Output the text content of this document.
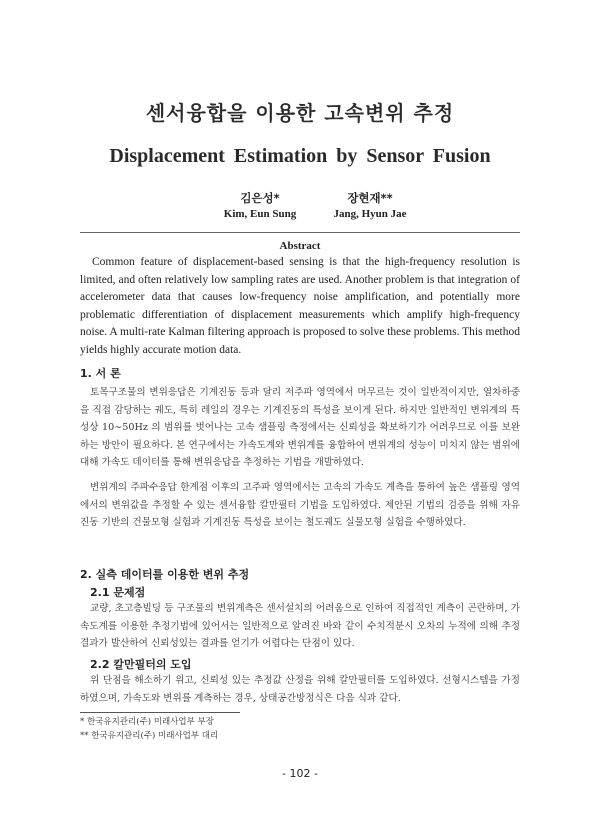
센서융합을 이용한 고속변위 추정
Displacement Estimation by Sensor Fusion
김은성*
Kim, Eun Sung
장현재**
Jang, Hyun Jae
Abstract
Common feature of displacement-based sensing is that the high-frequency resolution is limited, and often relatively low sampling rates are used. Another problem is that integration of accelerometer data that causes low-frequency noise amplification, and potentially more problematic differentiation of displacement measurements which amplify high-frequency noise. A multi-rate Kalman filtering approach is proposed to solve these problems. This method yields highly accurate motion data.
1. 서 론
토목구조물의 변위응답은 기계진동 등과 달리 저주파 영역에서 머무르는 것이 일반적이지만, 열차하중을 직접 감당하는 궤도, 특히 레일의 경우는 기계진동의 특성을 보이게 된다. 하지만 일반적인 변위계의 특성상 10∼50Hz 의 범위를 벗어나는 고속 샘플링 측정에서는 신뢰성을 확보하기가 어려우므로 이를 보완하는 방안이 필요하다. 본 연구에서는 가속도계와 변위계를 융합하여 변위계의 성능이 미치지 않는 범위에 대해 가속도 데이터를 통해 변위응답을 추정하는 기법을 개발하였다.
변위계의 주파수응답 한계점 이후의 고주파 영역에서는 고속의 가속도 계측을 통하여 높은 샘플링 영역에서의 변위값을 추정할 수 있는 센서융합 칼만필터 기법을 도입하였다. 제안된 기법의 검증을 위해 자유진동 기반의 건물모형 실험과 기계진동 특성을 보이는 철도궤도 실물모형 실험을 수행하였다.
2. 실측 데이터를 이용한 변위 추정
2.1 문제점
교량, 초고층빌딩 등 구조물의 변위계측은 센서설치의 어려움으로 인하여 직접적인 계측이 곤란하며, 가속도계를 이용한 추정기법에 있어서는 일반적으로 알려진 바와 같이 수치적분시 오차의 누적에 의해 추정결과가 발산하여 신뢰성있는 결과를 얻기가 어렵다는 단점이 있다.
2.2 칼만필터의 도입
위 단점을 해소하기 위고, 신뢰성 있는 추정값 산정을 위해 칼만필터를 도입하였다. 선형시스템을 가정하였으며, 가속도와 변위를 계측하는 경우, 상태공간방정식은 다음 식과 같다.
* 한국유지관리(주) 미래사업부 부장
** 한국유지관리(주) 미래사업부 대리
- 102 -
